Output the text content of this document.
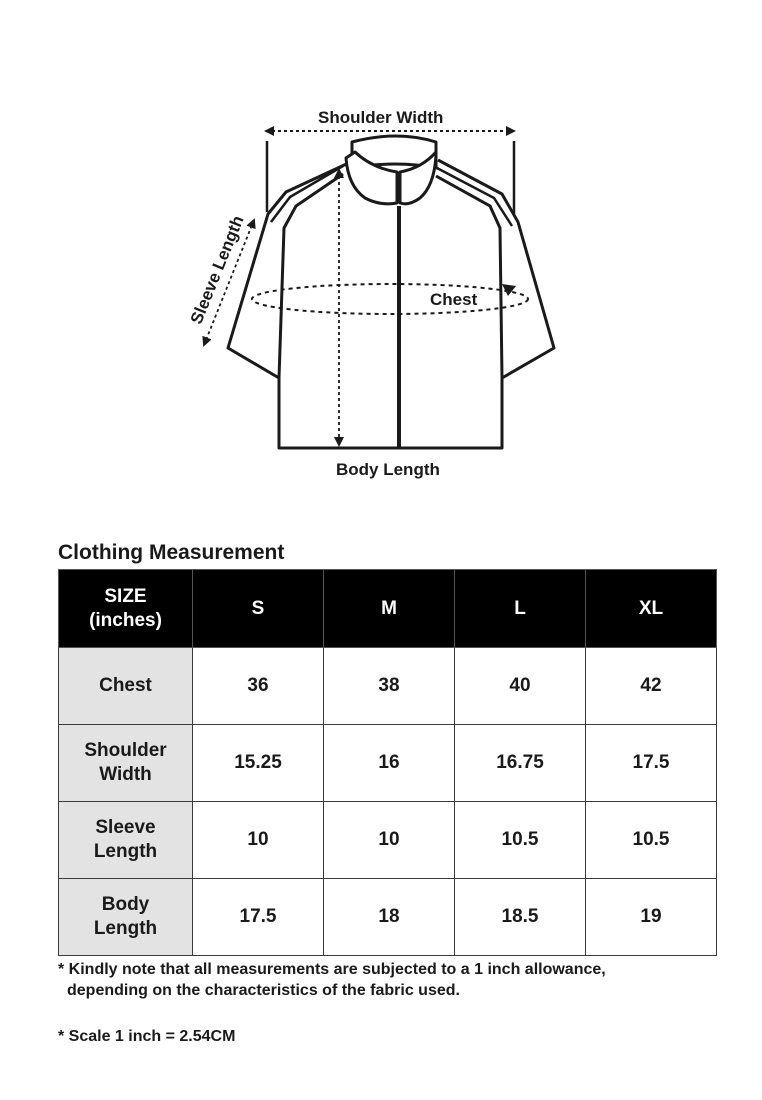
Shoulder Width
Chest
Sleeve Length
Body Length
Clothing Measurement
SIZE
(inches)	S	M	L	XL
Chest	36	38	40	42
Shoulder
Width	15.25	16	16.75	17.5
Sleeve
Length	10	10	10.5	10.5
Body
Length	17.5	18	18.5	19

* Kindly note that all measurements are subjected to a 1 inch allowance,
depending on the characteristics of the fabric used.

* Scale 1 inch = 2.54CM
